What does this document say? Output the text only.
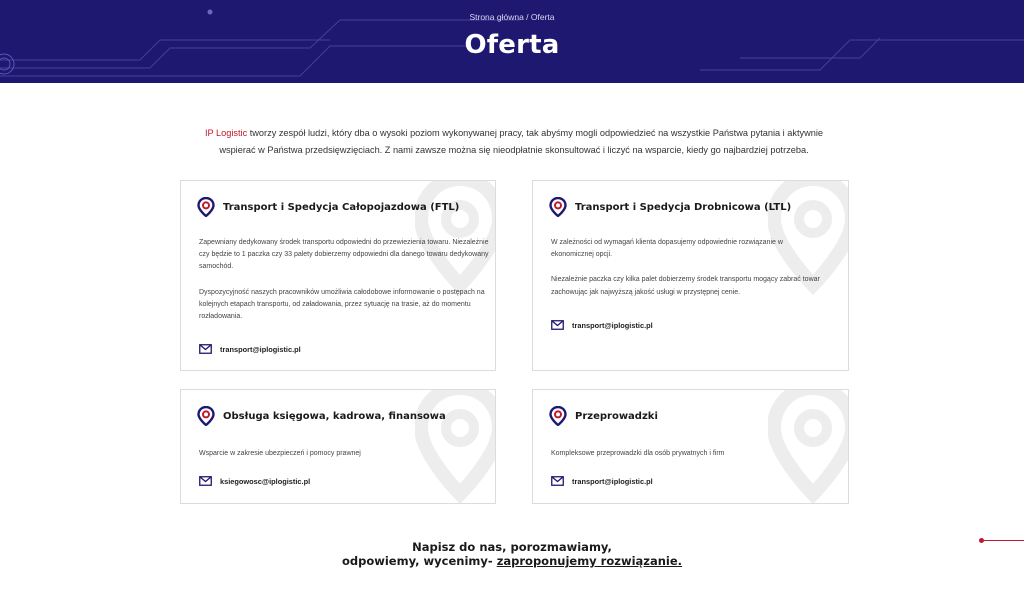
Strona główna / Oferta
Oferta
IP Logistic tworzy zespół ludzi, który dba o wysoki poziom wykonywanej pracy, tak abyśmy mogli odpowiedzieć na wszystkie Państwa pytania i aktywnie
wspierać w Państwa przedsięwzięciach. Z nami zawsze można się nieodpłatnie skonsultować i liczyć na wsparcie, kiedy go najbardziej potrzeba.
Transport i Spedycja Całopojazdowa (FTL)

Zapewniany dedykowany środek transportu odpowiedni do przewiezienia towaru. Niezależnie czy będzie to 1 paczka czy 33 palety dobierzemy odpowiedni dla danego towaru dedykowany samochód.

Dyspozycyjność naszych pracowników umożliwia całodobowe informowanie o postępach na kolejnych etapach transportu, od załadowania, przez sytuację na trasie, aż do momentu rozładowania.

transport@iplogistic.pl
Transport i Spedycja Drobnicowa (LTL)

W zależności od wymagań klienta dopasujemy odpowiednie rozwiązanie w ekonomicznej opcji.

Niezależnie paczka czy kilka palet dobierzemy środek transportu mogący zabrać towar zachowując jak najwyższą jakość usługi w przystępnej cenie.

transport@iplogistic.pl
Obsługa księgowa, kadrowa, finansowa

Wsparcie w zakresie ubezpieczeń i pomocy prawnej

ksiegowosc@iplogistic.pl
Przeprowadzki

Kompleksowe przeprowadzki dla osób prywatnych i firm

transport@iplogistic.pl
Napisz do nas, porozmawiamy,
odpowiemy, wycenimy- zaproponujemy rozwiązanie.
